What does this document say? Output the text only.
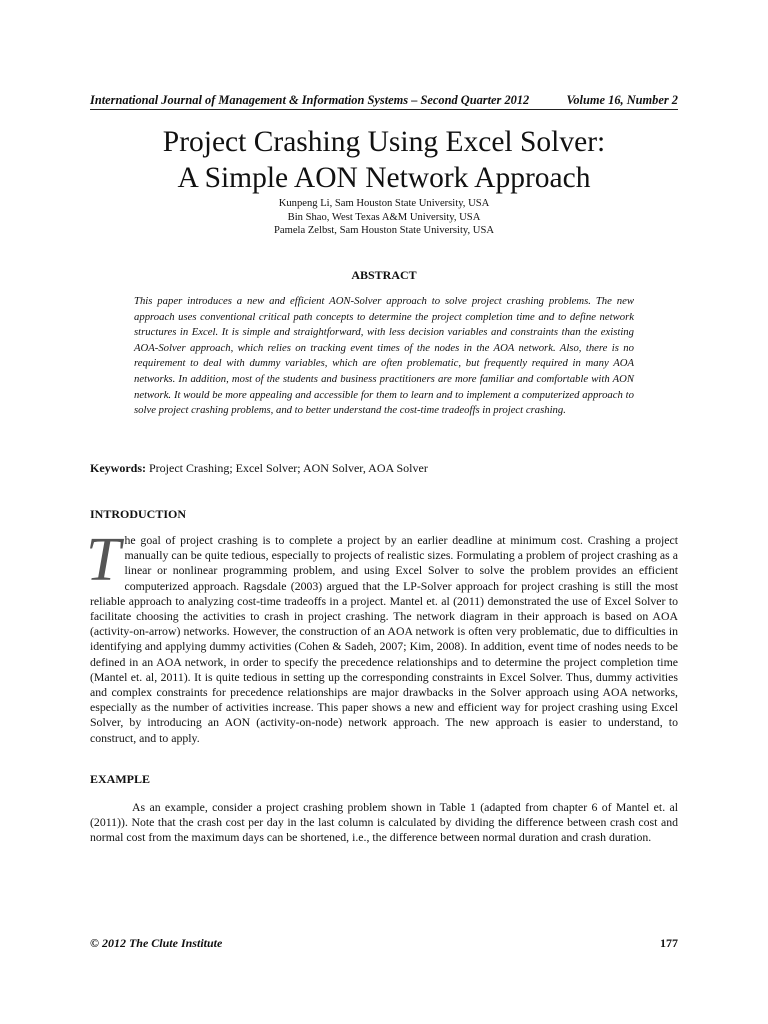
International Journal of Management & Information Systems – Second Quarter 2012	Volume 16, Number 2
Project Crashing Using Excel Solver:
A Simple AON Network Approach
Kunpeng Li, Sam Houston State University, USA
Bin Shao, West Texas A&M University, USA
Pamela Zelbst, Sam Houston State University, USA
ABSTRACT

This paper introduces a new and efficient AON-Solver approach to solve project crashing problems. The new approach uses conventional critical path concepts to determine the project completion time and to define network structures in Excel. It is simple and straightforward, with less decision variables and constraints than the existing AOA-Solver approach, which relies on tracking event times of the nodes in the AOA network. Also, there is no requirement to deal with dummy variables, which are often problematic, but frequently required in many AOA networks. In addition, most of the students and business practitioners are more familiar and comfortable with AON network. It would be more appealing and accessible for them to learn and to implement a computerized approach to solve project crashing problems, and to better understand the cost-time tradeoffs in project crashing.

Keywords: Project Crashing; Excel Solver; AON Solver, AOA Solver
INTRODUCTION

The goal of project crashing is to complete a project by an earlier deadline at minimum cost. Crashing a project manually can be quite tedious, especially to projects of realistic sizes. Formulating a problem of project crashing as a linear or nonlinear programming problem, and using Excel Solver to solve the problem provides an efficient computerized approach. Ragsdale (2003) argued that the LP-Solver approach for project crashing is still the most reliable approach to analyzing cost-time tradeoffs in a project. Mantel et. al (2011) demonstrated the use of Excel Solver to facilitate choosing the activities to crash in project crashing. The network diagram in their approach is based on AOA (activity-on-arrow) networks. However, the construction of an AOA network is often very problematic, due to difficulties in identifying and applying dummy activities (Cohen & Sadeh, 2007; Kim, 2008). In addition, event time of nodes needs to be defined in an AOA network, in order to specify the precedence relationships and to determine the project completion time (Mantel et. al, 2011). It is quite tedious in setting up the corresponding constraints in Excel Solver. Thus, dummy activities and complex constraints for precedence relationships are major drawbacks in the Solver approach using AOA networks, especially as the number of activities increase. This paper shows a new and efficient way for project crashing using Excel Solver, by introducing an AON (activity-on-node) network approach. The new approach is easier to understand, to construct, and to apply.

EXAMPLE

As an example, consider a project crashing problem shown in Table 1 (adapted from chapter 6 of Mantel et. al (2011)). Note that the crash cost per day in the last column is calculated by dividing the difference between crash cost and normal cost from the maximum days can be shortened, i.e., the difference between normal duration and crash duration.

© 2012 The Clute Institute	177
